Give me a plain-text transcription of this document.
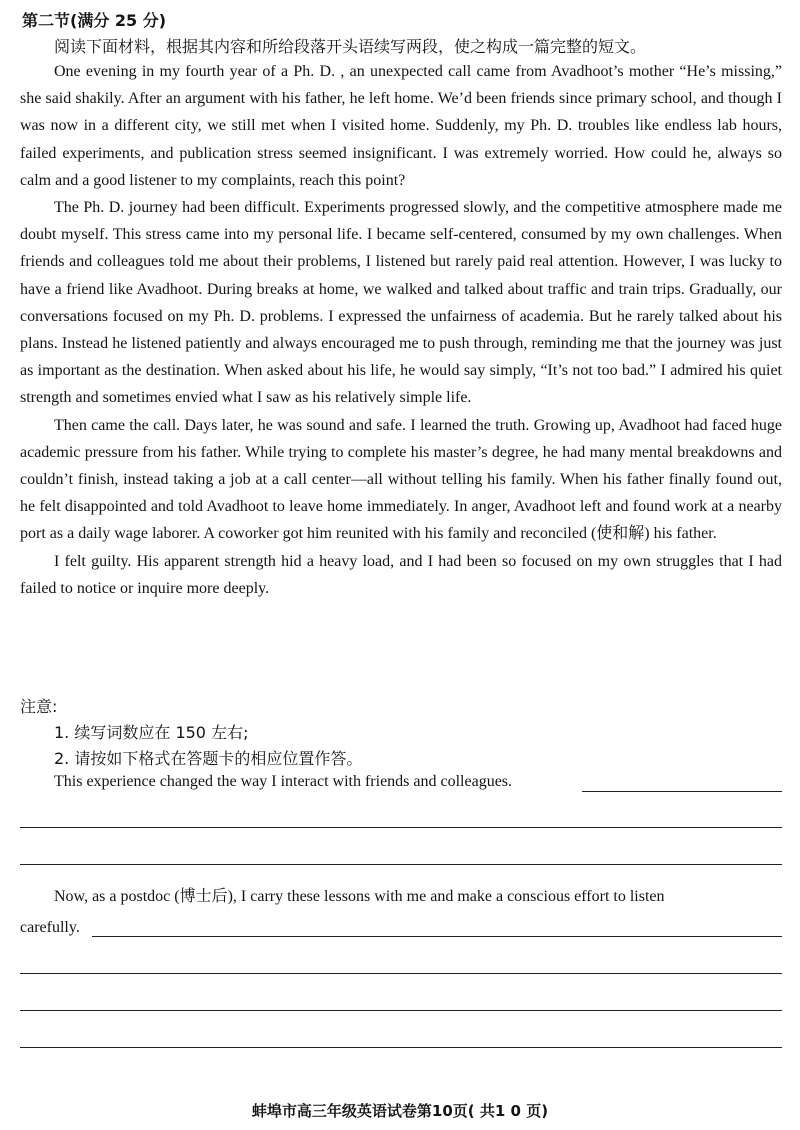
第二节(满分 25 分)

阅读下面材料，根据其内容和所给段落开头语续写两段，使之构成一篇完整的短文。

One evening in my fourth year of a Ph. D. , an unexpected call came from Avadhoot’s mother “He’s missing,” she said shakily. After an argument with his father, he left home. We’d been friends since primary school, and though I was now in a different city, we still met when I visited home. Suddenly, my Ph. D. troubles like endless lab hours, failed experiments, and publication stress seemed insignificant. I was extremely worried. How could he, always so calm and a good listener to my complaints, reach this point?

The Ph. D. journey had been difficult. Experiments progressed slowly, and the competitive atmosphere made me doubt myself. This stress came into my personal life. I became self-centered, consumed by my own challenges. When friends and colleagues told me about their problems, I listened but rarely paid real attention. However, I was lucky to have a friend like Avadhoot. During breaks at home, we walked and talked about traffic and train trips. Gradually, our conversations focused on my Ph. D. problems. I expressed the unfairness of academia. But he rarely talked about his plans. Instead he listened patiently and always encouraged me to push through, reminding me that the journey was just as important as the destination. When asked about his life, he would say simply, “It’s not too bad.” I admired his quiet strength and sometimes envied what I saw as his relatively simple life.

Then came the call. Days later, he was sound and safe. I learned the truth. Growing up, Avadhoot had faced huge academic pressure from his father. While trying to complete his master’s degree, he had many mental breakdowns and couldn’t finish, instead taking a job at a call center—all without telling his family. When his father finally found out, he felt disappointed and told Avadhoot to leave home immediately. In anger, Avadhoot left and found work at a nearby port as a daily wage laborer. A coworker got him reunited with his family and reconciled (使和解) his father.

I felt guilty. His apparent strength hid a heavy load, and I had been so focused on my own struggles that I had failed to notice or inquire more deeply.

注意:

1. 续写词数应在 150 左右;

2. 请按如下格式在答题卡的相应位置作答。

This experience changed the way I interact with friends and colleagues.

Now, as a postdoc (博士后), I carry these lessons with me and make a conscious effort to listen

carefully.

蚌埠市高三年级英语试卷第10页( 共1 0 页)
